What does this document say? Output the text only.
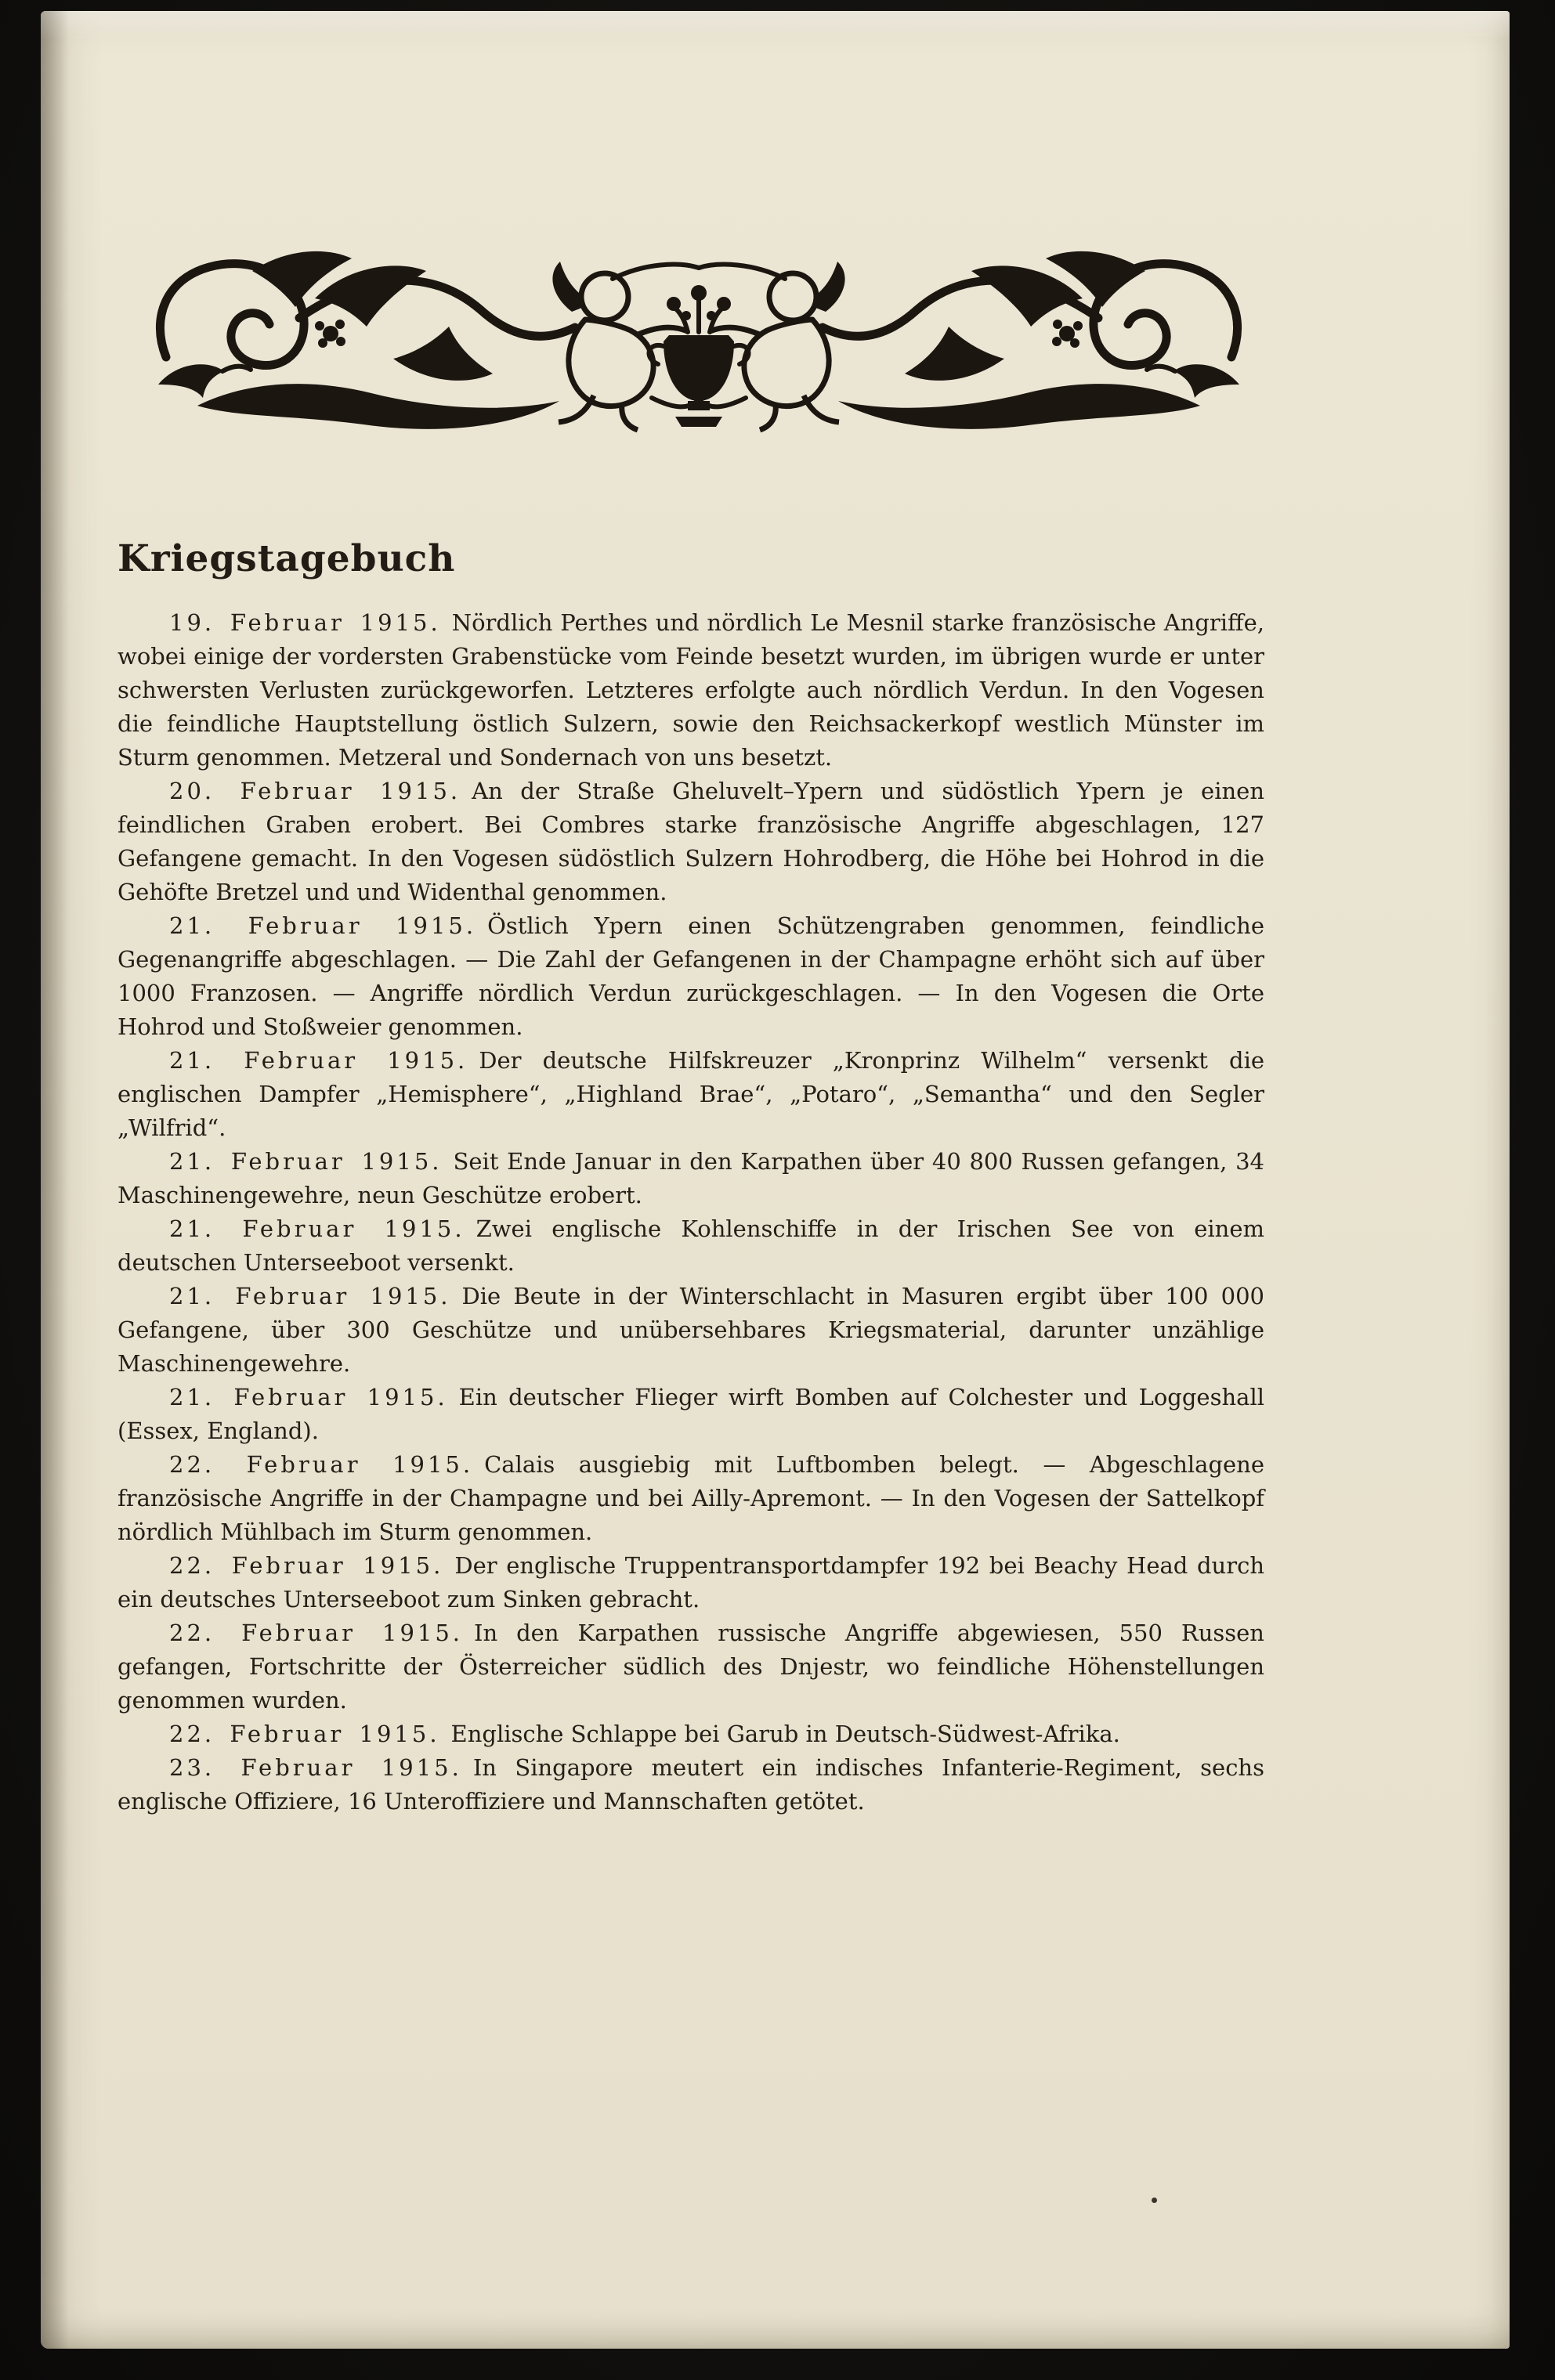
Kriegstagebuch

19. Februar 1915. Nördlich Perthes und nördlich Le Mesnil starke französische Angriffe, wobei einige der vordersten Grabenstücke vom Feinde besetzt wurden, im übrigen wurde er unter schwersten Verlusten zurückgeworfen. Letzteres erfolgte auch nördlich Verdun. In den Vogesen die feindliche Hauptstellung östlich Sulzern, sowie den Reichsackerkopf westlich Münster im Sturm genommen. Metzeral und Sondernach von uns besetzt.

20. Februar 1915. An der Straße Gheluvelt–Ypern und südöstlich Ypern je einen feindlichen Graben erobert. Bei Combres starke französische Angriffe abgeschlagen, 127 Gefangene gemacht. In den Vogesen südöstlich Sulzern Hohrodberg, die Höhe bei Hohrod in die Gehöfte Bretzel und und Widenthal genommen.

21. Februar 1915. Östlich Ypern einen Schützengraben genommen, feindliche Gegenangriffe abgeschlagen. — Die Zahl der Gefangenen in der Champagne erhöht sich auf über 1000 Franzosen. — Angriffe nördlich Verdun zurückgeschlagen. — In den Vogesen die Orte Hohrod und Stoßweier genommen.

21. Februar 1915. Der deutsche Hilfskreuzer „Kronprinz Wilhelm“ versenkt die englischen Dampfer „Hemisphere“, „Highland Brae“, „Potaro“, „Semantha“ und den Segler „Wilfrid“.

21. Februar 1915. Seit Ende Januar in den Karpathen über 40 800 Russen gefangen, 34 Maschinengewehre, neun Geschütze erobert.

21. Februar 1915. Zwei englische Kohlenschiffe in der Irischen See von einem deutschen Unterseeboot versenkt.

21. Februar 1915. Die Beute in der Winterschlacht in Masuren ergibt über 100 000 Gefangene, über 300 Geschütze und unübersehbares Kriegsmaterial, darunter unzählige Maschinengewehre.

21. Februar 1915. Ein deutscher Flieger wirft Bomben auf Colchester und Loggeshall (Essex, England).

22. Februar 1915. Calais ausgiebig mit Luftbomben belegt. — Abgeschlagene französische Angriffe in der Champagne und bei Ailly-Apremont. — In den Vogesen der Sattelkopf nördlich Mühlbach im Sturm genommen.

22. Februar 1915. Der englische Truppentransportdampfer 192 bei Beachy Head durch ein deutsches Unterseeboot zum Sinken gebracht.

22. Februar 1915. In den Karpathen russische Angriffe abgewiesen, 550 Russen gefangen, Fortschritte der Österreicher südlich des Dnjestr, wo feindliche Höhenstellungen genommen wurden.

22. Februar 1915. Englische Schlappe bei Garub in Deutsch-Südwest-Afrika.

23. Februar 1915. In Singapore meutert ein indisches Infanterie-Regiment, sechs englische Offiziere, 16 Unteroffiziere und Mannschaften getötet.
